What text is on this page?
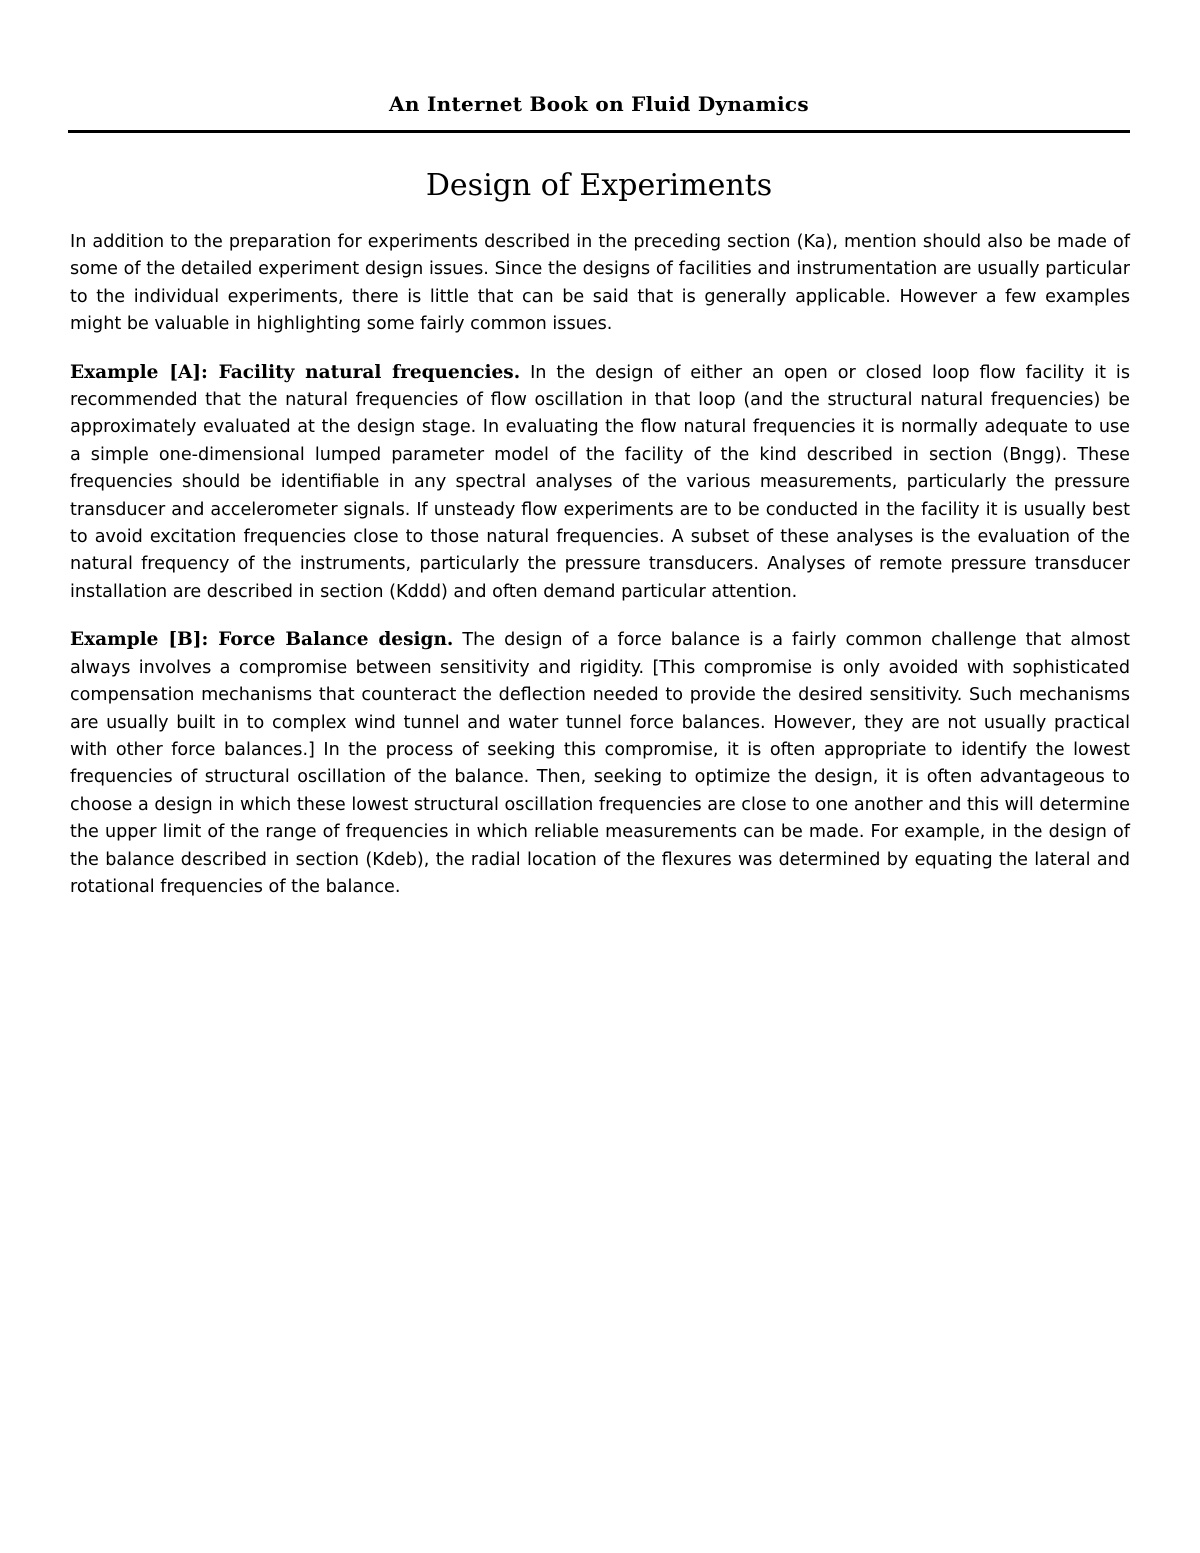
An Internet Book on Fluid Dynamics
Design of Experiments

In addition to the preparation for experiments described in the preceding section (Ka), mention should also be made of some of the detailed experiment design issues. Since the designs of facilities and instrumentation are usually particular to the individual experiments, there is little that can be said that is generally applicable. However a few examples might be valuable in highlighting some fairly common issues.

Example [A]: Facility natural frequencies. In the design of either an open or closed loop flow facility it is recommended that the natural frequencies of flow oscillation in that loop (and the structural natural frequencies) be approximately evaluated at the design stage. In evaluating the flow natural frequencies it is normally adequate to use a simple one-dimensional lumped parameter model of the facility of the kind described in section (Bngg). These frequencies should be identifiable in any spectral analyses of the various measurements, particularly the pressure transducer and accelerometer signals. If unsteady flow experiments are to be conducted in the facility it is usually best to avoid excitation frequencies close to those natural frequencies. A subset of these analyses is the evaluation of the natural frequency of the instruments, particularly the pressure transducers. Analyses of remote pressure transducer installation are described in section (Kddd) and often demand particular attention.

Example [B]: Force Balance design. The design of a force balance is a fairly common challenge that almost always involves a compromise between sensitivity and rigidity. [This compromise is only avoided with sophisticated compensation mechanisms that counteract the deflection needed to provide the desired sensitivity. Such mechanisms are usually built in to complex wind tunnel and water tunnel force balances. However, they are not usually practical with other force balances.] In the process of seeking this compromise, it is often appropriate to identify the lowest frequencies of structural oscillation of the balance. Then, seeking to optimize the design, it is often advantageous to choose a design in which these lowest structural oscillation frequencies are close to one another and this will determine the upper limit of the range of frequencies in which reliable measurements can be made. For example, in the design of the balance described in section (Kdeb), the radial location of the flexures was determined by equating the lateral and rotational frequencies of the balance.
